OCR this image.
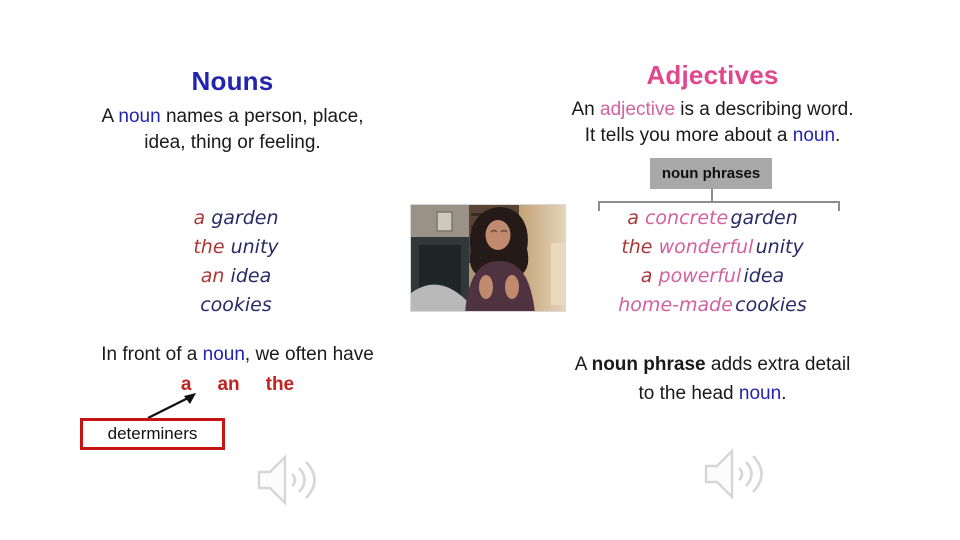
Nouns
A noun names a person, place,
idea, thing or feeling.
a garden
the unity
an idea
cookies
In front of a noun, we often have
a an the
determiners
Adjectives
An adjective is a describing word.
It tells you more about a noun.
noun phrases
a concrete garden
the wonderful unity
a powerful idea
home-made cookies
A noun phrase adds extra detail
to the head noun.
